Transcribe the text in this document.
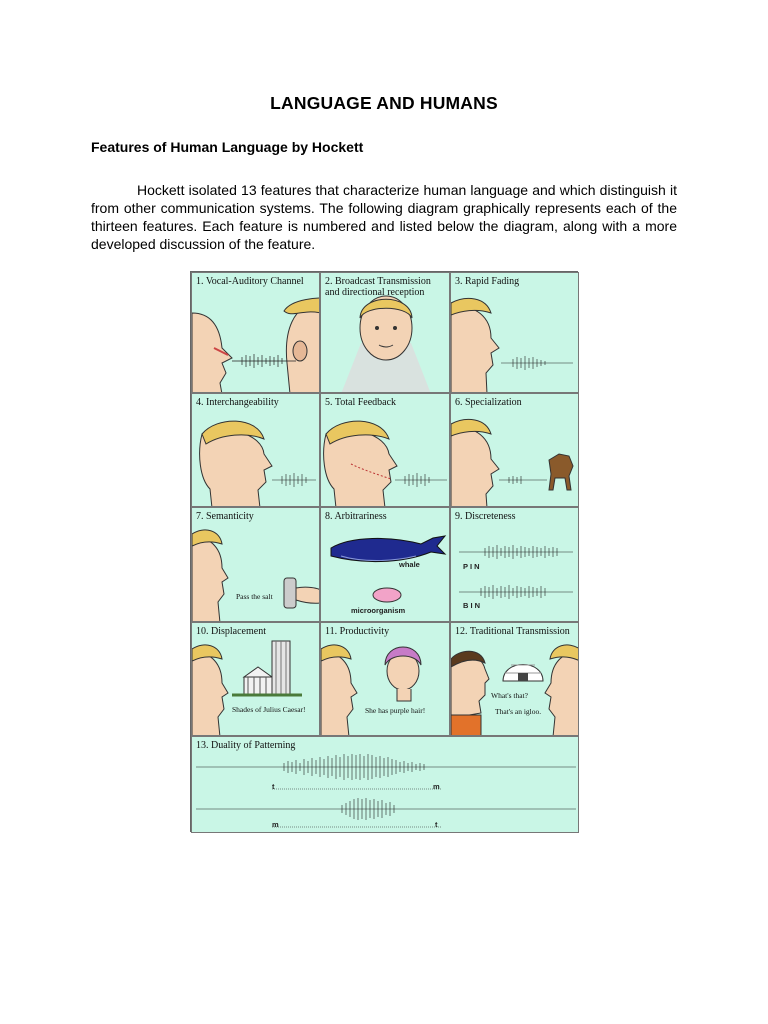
LANGUAGE AND HUMANS
Features of Human Language by Hockett
Hockett isolated 13 features that characterize human language and which distinguish it from other communication systems. The following diagram graphically represents each of the thirteen features. Each feature is numbered and listed below the diagram, along with a more developed discussion of the feature.
1. Vocal-Auditory Channel	2. Broadcast Transmission and directional reception
3. Rapid Fading
4. Interchangeability	5. Total Feedback	6. Specialization
7. Semanticity
Pass the salt
8. Arbitrariness
whale
microorganism
9. Discreteness
P I N
B I N
10. Displacement
Shades of Julius Caesar!
11. Productivity
She has purple hair!
12. Traditional Transmission
What's that?
That's an igloo.
13. Duality of Patterning
t	m
m	t
